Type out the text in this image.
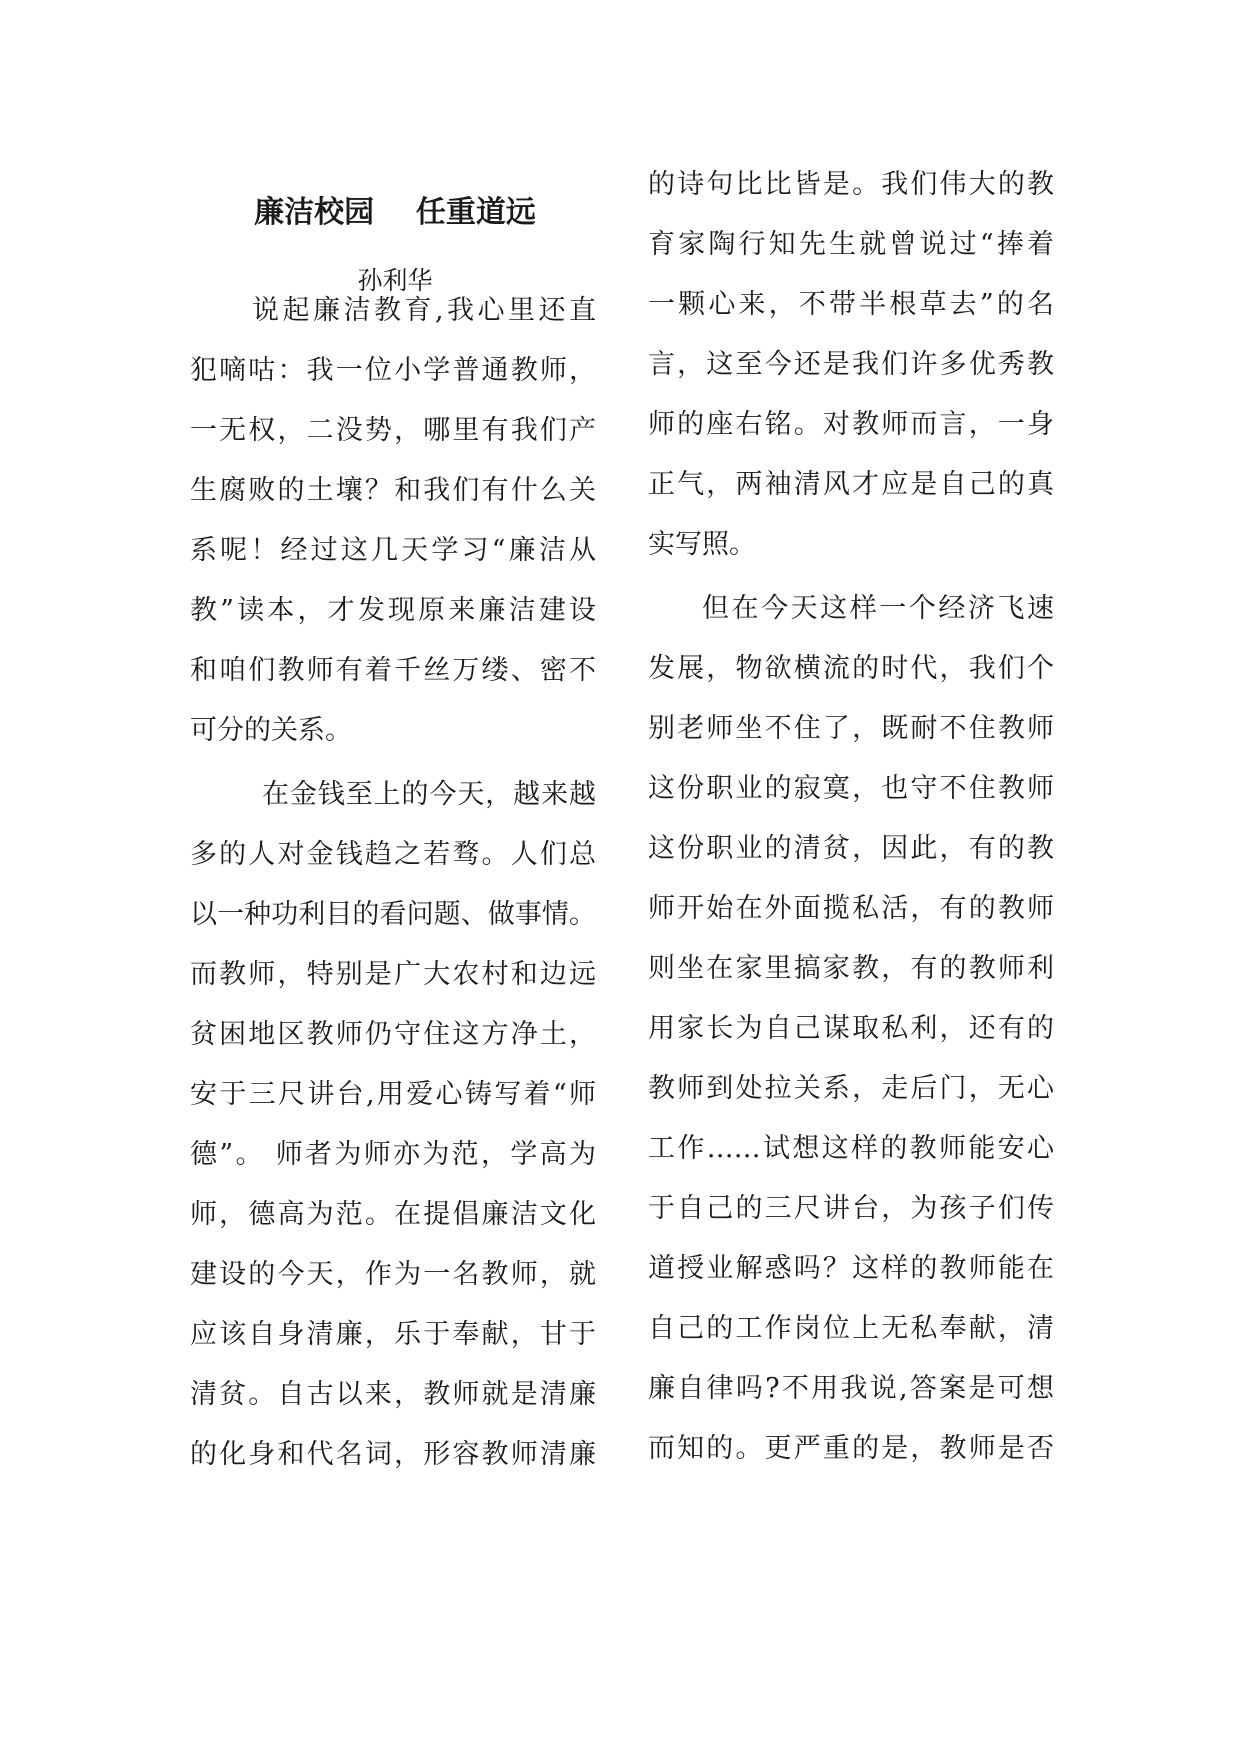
廉洁校园    任重道远

孙利华

说起廉洁教育,我心里还直

犯嘀咕：我一位小学普通教师，

一无权，二没势，哪里有我们产

生腐败的土壤？和我们有什么关

系呢！经过这几天学习“廉洁从

教”读本，才发现原来廉洁建设

和咱们教师有着千丝万缕、密不

可分的关系。

在金钱至上的今天，越来越

多的人对金钱趋之若骛。人们总

以一种功利目的看问题、做事情。

而教师，特别是广大农村和边远

贫困地区教师仍守住这方净土，

安于三尺讲台,用爱心铸写着“师

德”。 师者为师亦为范，学高为

师，德高为范。在提倡廉洁文化

建设的今天，作为一名教师，就

应该自身清廉，乐于奉献，甘于

清贫。自古以来，教师就是清廉

的化身和代名词，形容教师清廉

的诗句比比皆是。我们伟大的教

育家陶行知先生就曾说过“捧着

一颗心来，不带半根草去”的名

言，这至今还是我们许多优秀教

师的座右铭。对教师而言，一身

正气，两袖清风才应是自己的真

实写照。

但在今天这样一个经济飞速

发展，物欲横流的时代，我们个

别老师坐不住了，既耐不住教师

这份职业的寂寞，也守不住教师

这份职业的清贫，因此，有的教

师开始在外面揽私活，有的教师

则坐在家里搞家教，有的教师利

用家长为自己谋取私利，还有的

教师到处拉关系，走后门，无心

工作……试想这样的教师能安心

于自己的三尺讲台，为孩子们传

道授业解惑吗？这样的教师能在

自己的工作岗位上无私奉献，清

廉自律吗?不用我说,答案是可想

而知的。更严重的是，教师是否
